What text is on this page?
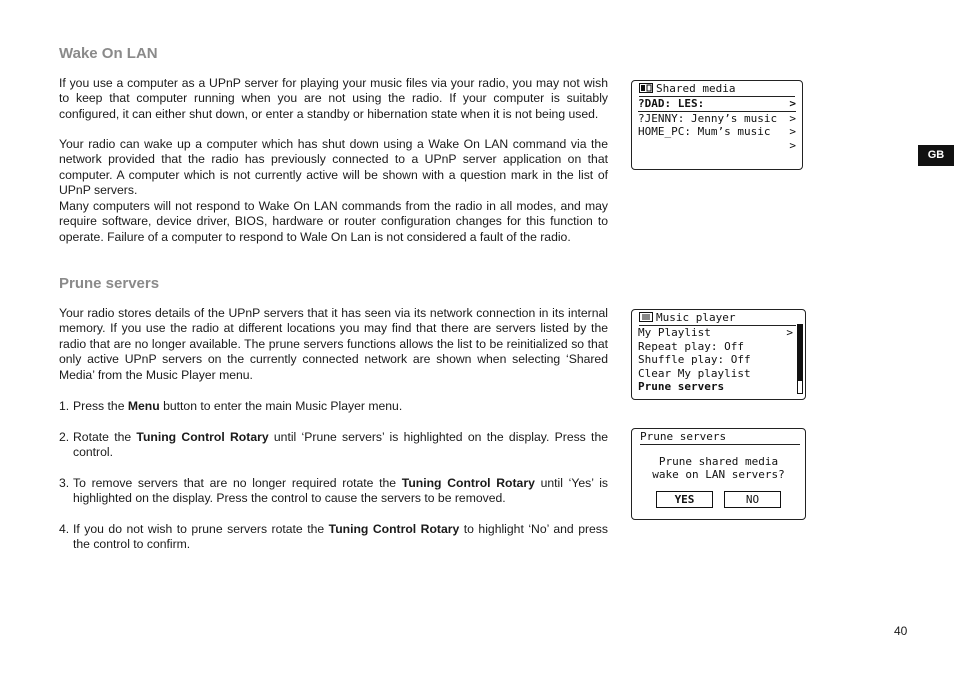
Wake On LAN

If you use a computer as a UPnP server for playing your music files via your radio, you may not wish to keep that computer running when you are not using the radio. If your computer is suitably configured, it can either shut down, or enter a standby or hibernation state when it is not being used.

Your radio can wake up a computer which has shut down using a Wake On LAN command via the network provided that the radio has previously connected to a UPnP server application on that computer. A computer which is not currently active will be shown with a question mark in the list of UPnP servers.

Many computers will not respond to Wake On LAN commands from the radio in all modes, and may require software, device driver, BIOS, hardware or router configuration changes for this function to operate. Failure of a computer to respond to Wale On Lan is not considered a fault of the radio.

Prune servers

Your radio stores details of the UPnP servers that it has seen via its network connection in its internal memory. If you use the radio at different locations you may find that there are servers listed by the radio that are no longer available. The prune servers functions allows the list to be reinitialized so that only active UPnP servers on the currently connected network are shown when selecting ‘Shared Media’ from the Music Player menu.

1. Press the Menu button to enter the main Music Player menu.
2. Rotate the Tuning Control Rotary until ‘Prune servers’ is highlighted on the display. Press the control.
3. To remove servers that are no longer required rotate the Tuning Control Rotary until ‘Yes’ is highlighted on the display. Press the control to cause the servers to be removed.
4. If you do not wish to prune servers rotate the Tuning Control Rotary to highlight ‘No’ and press the control to confirm.
Shared media
?DAD: LES:	>
?JENNY: Jenny’s music >
HOME_PC: Mum’s music >
>
Music player
My Playlist	>
Repeat play: Off
Shuffle play: Off
Clear My playlist
Prune servers
Prune servers
Prune shared media
wake on LAN servers?
YES	NO
GB
40
